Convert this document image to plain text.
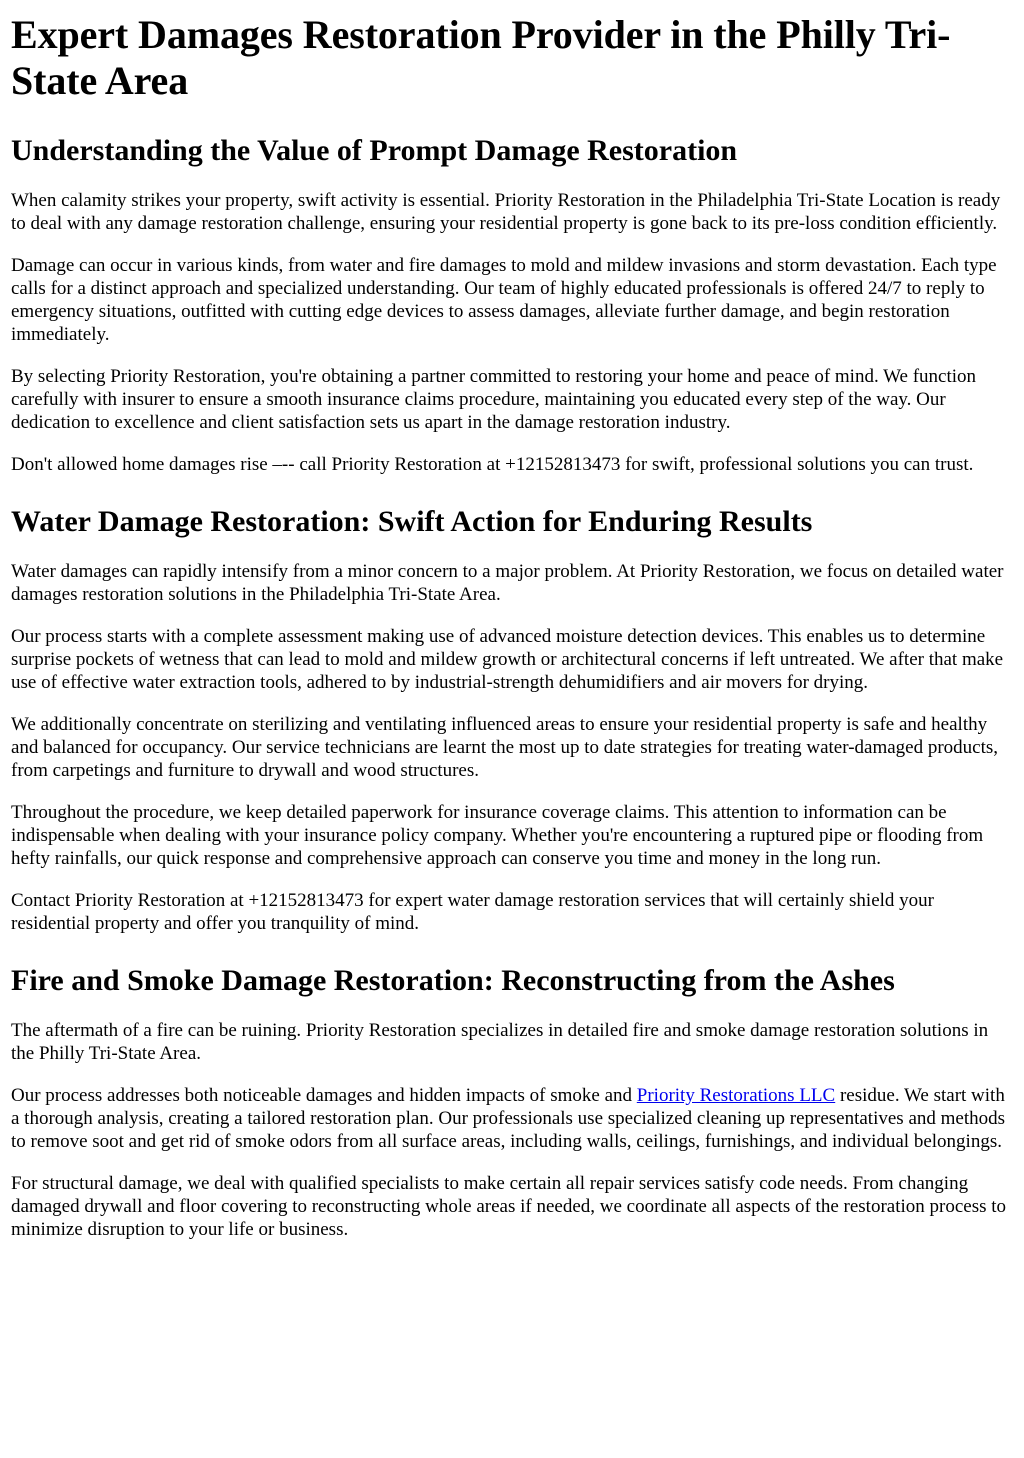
Expert Damages Restoration Provider in the Philly Tri-State Area
Understanding the Value of Prompt Damage Restoration

When calamity strikes your property, swift activity is essential. Priority Restoration in the Philadelphia Tri-State Location is ready to deal with any damage restoration challenge, ensuring your residential property is gone back to its pre-loss condition efficiently.

Damage can occur in various kinds, from water and fire damages to mold and mildew invasions and storm devastation. Each type calls for a distinct approach and specialized understanding. Our team of highly educated professionals is offered 24/7 to reply to emergency situations, outfitted with cutting edge devices to assess damages, alleviate further damage, and begin restoration immediately.

By selecting Priority Restoration, you're obtaining a partner committed to restoring your home and peace of mind. We function carefully with insurer to ensure a smooth insurance claims procedure, maintaining you educated every step of the way. Our dedication to excellence and client satisfaction sets us apart in the damage restoration industry.

Don't allowed home damages rise –-- call Priority Restoration at +12152813473 for swift, professional solutions you can trust.

Water Damage Restoration: Swift Action for Enduring Results

Water damages can rapidly intensify from a minor concern to a major problem. At Priority Restoration, we focus on detailed water damages restoration solutions in the Philadelphia Tri-State Area.

Our process starts with a complete assessment making use of advanced moisture detection devices. This enables us to determine surprise pockets of wetness that can lead to mold and mildew growth or architectural concerns if left untreated. We after that make use of effective water extraction tools, adhered to by industrial-strength dehumidifiers and air movers for drying.

We additionally concentrate on sterilizing and ventilating influenced areas to ensure your residential property is safe and healthy and balanced for occupancy. Our service technicians are learnt the most up to date strategies for treating water-damaged products, from carpetings and furniture to drywall and wood structures.

Throughout the procedure, we keep detailed paperwork for insurance coverage claims. This attention to information can be indispensable when dealing with your insurance policy company. Whether you're encountering a ruptured pipe or flooding from hefty rainfalls, our quick response and comprehensive approach can conserve you time and money in the long run.

Contact Priority Restoration at +12152813473 for expert water damage restoration services that will certainly shield your residential property and offer you tranquility of mind.

Fire and Smoke Damage Restoration: Reconstructing from the Ashes

The aftermath of a fire can be ruining. Priority Restoration specializes in detailed fire and smoke damage restoration solutions in the Philly Tri-State Area.

Our process addresses both noticeable damages and hidden impacts of smoke and Priority Restorations LLC residue. We start with a thorough analysis, creating a tailored restoration plan. Our professionals use specialized cleaning up representatives and methods to remove soot and get rid of smoke odors from all surface areas, including walls, ceilings, furnishings, and individual belongings.

For structural damage, we deal with qualified specialists to make certain all repair services satisfy code needs. From changing damaged drywall and floor covering to reconstructing whole areas if needed, we coordinate all aspects of the restoration process to minimize disruption to your life or business.
